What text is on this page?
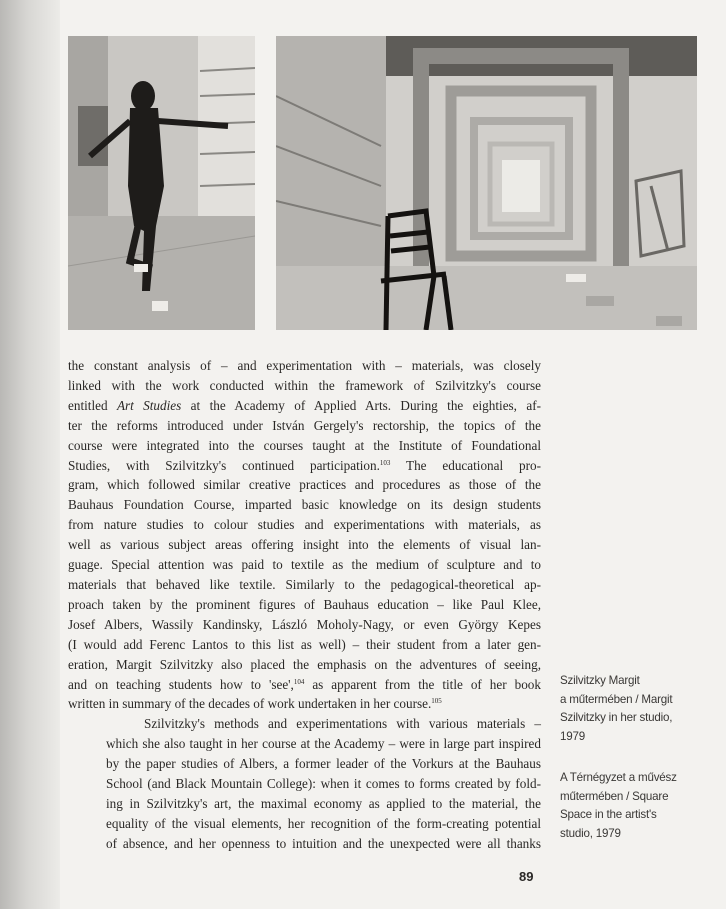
the constant analysis of – and experimentation with – materials, was closely
linked with the work conducted within the framework of Szilvitzky's course
entitled Art Studies at the Academy of Applied Arts. During the eighties, af-
ter the reforms introduced under István Gergely's rectorship, the topics of the
course were integrated into the courses taught at the Institute of Foundational
Studies, with Szilvitzky's continued participation.$^{103}$ The educational pro-
gram, which followed similar creative practices and procedures as those of the
Bauhaus Foundation Course, imparted basic knowledge on its design students
from nature studies to colour studies and experimentations with materials, as
well as various subject areas offering insight into the elements of visual lan-
guage. Special attention was paid to textile as the medium of sculpture and to
materials that behaved like textile. Similarly to the pedagogical-theoretical ap-
proach taken by the prominent figures of Bauhaus education – like Paul Klee,
Josef Albers, Wassily Kandinsky, László Moholy-Nagy, or even György Kepes
(I would add Ferenc Lantos to this list as well) – their student from a later gen-
eration, Margit Szilvitzky also placed the emphasis on the adventures of seeing,
and on teaching students how to 'see',$^{104}$ as apparent from the title of her book
written in summary of the decades of work undertaken in her course.$^{105}$

Szilvitzky's methods and experimentations with various materials –
which she also taught in her course at the Academy – were in large part inspired
by the paper studies of Albers, a former leader of the Vorkurs at the Bauhaus
School (and Black Mountain College): when it comes to forms created by fold-
ing in Szilvitzky's art, the maximal economy as applied to the material, the
equality of the visual elements, her recognition of the form-creating potential
of absence, and her openness to intuition and the unexpected were all thanks

Szilvitzky Margit
a műtermében / Margit
Szilvitzky in her studio,
1979
A Térnégyzet a művész
műtermében / Square
Space in the artist's
studio, 1979
89
